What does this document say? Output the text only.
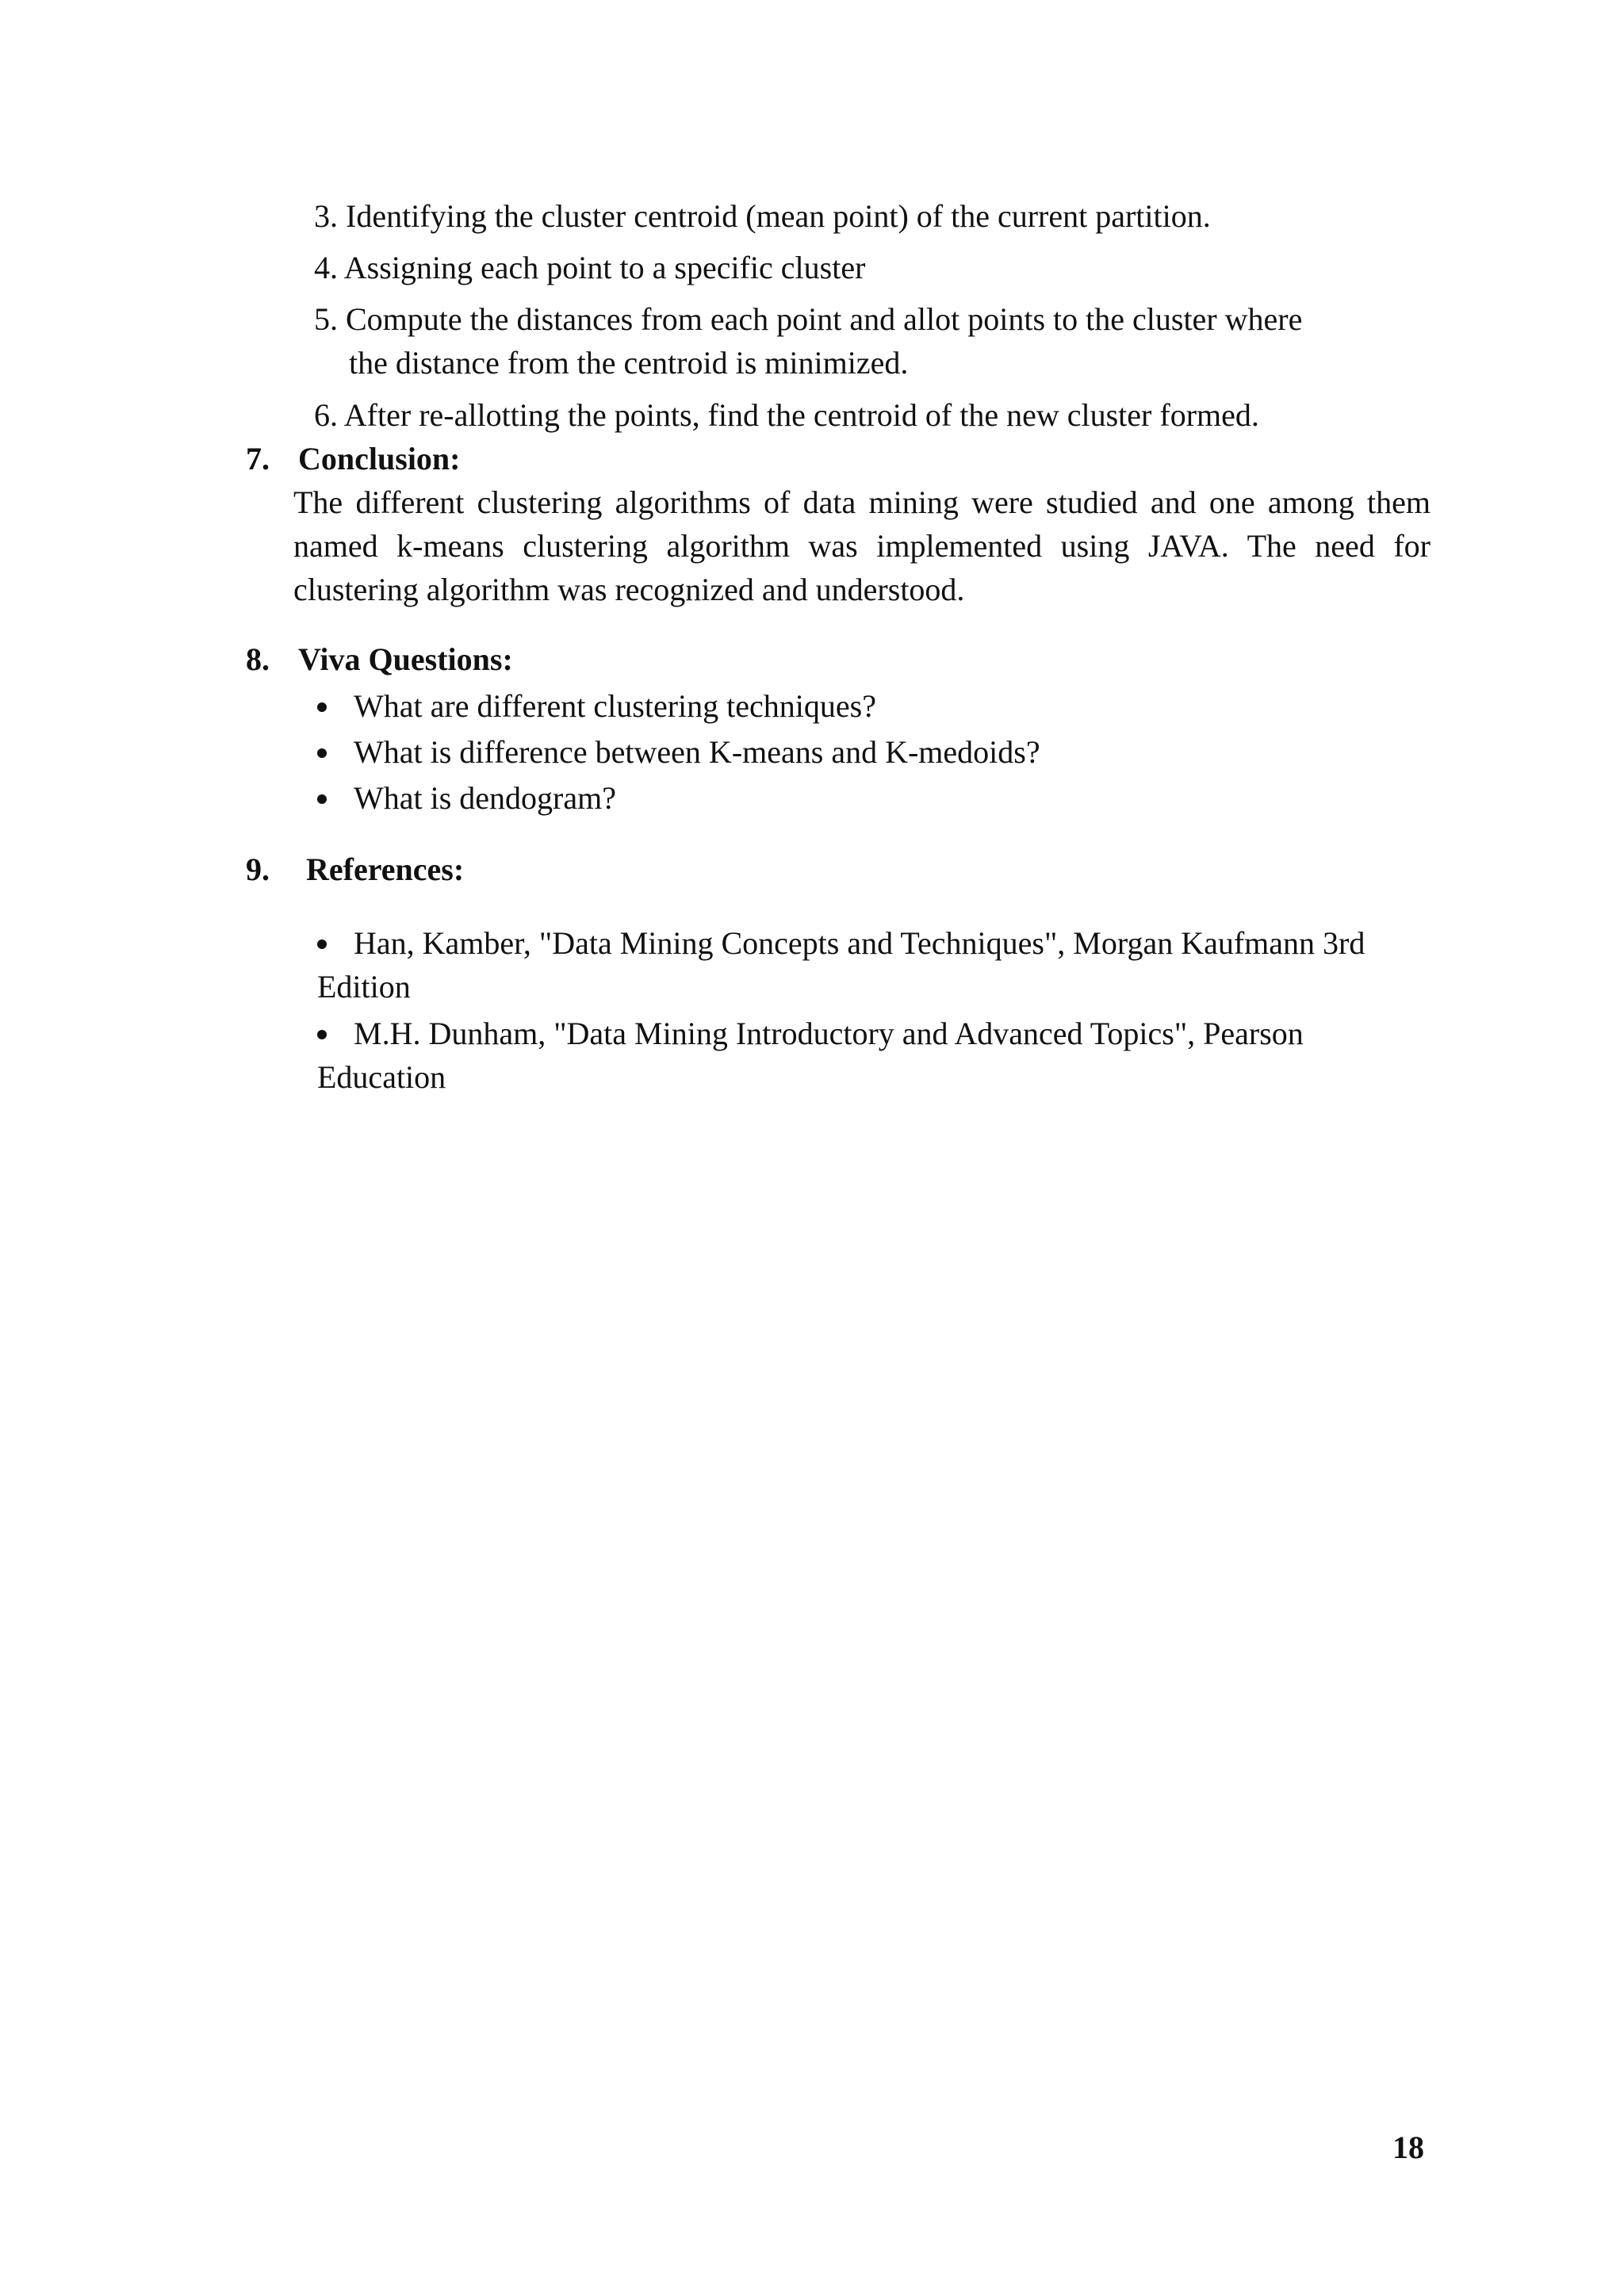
3. Identifying the cluster centroid (mean point) of the current partition.
4. Assigning each point to a specific cluster
5. Compute the distances from each point and allot points to the cluster where
the distance from the centroid is minimized.
6. After re-allotting the points, find the centroid of the new cluster formed.
7. Conclusion:
The different clustering algorithms of data mining were studied and one among them
named k-means clustering algorithm was implemented using JAVA. The need for
clustering algorithm was recognized and understood.
8. Viva Questions:
What are different clustering techniques?
What is difference between K-means and K-medoids?
What is dendogram?
9. References:
Han, Kamber, "Data Mining Concepts and Techniques", Morgan Kaufmann 3rd
Edition
M.H. Dunham, "Data Mining Introductory and Advanced Topics", Pearson
Education
18
